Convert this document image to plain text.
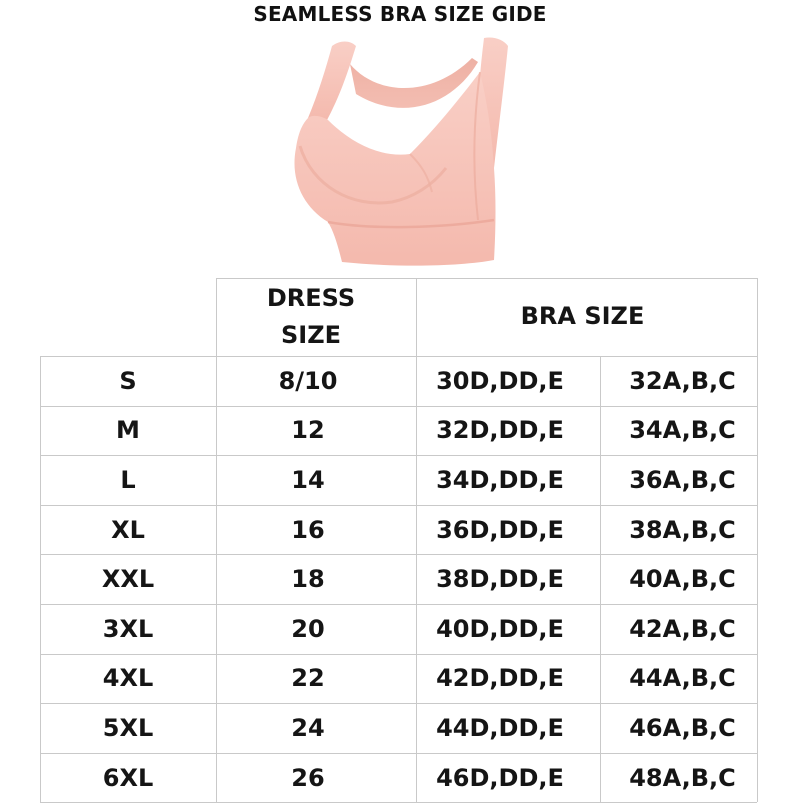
SEAMLESS BRA SIZE GIDE
DRESS SIZE
BRA SIZE
S	8/10	30D,DD,E	32A,B,C
M	12	32D,DD,E	34A,B,C
L	14	34D,DD,E	36A,B,C
XL	16	36D,DD,E	38A,B,C
XXL	18	38D,DD,E	40A,B,C
3XL	20	40D,DD,E	42A,B,C
4XL	22	42D,DD,E	44A,B,C
5XL	24	44D,DD,E	46A,B,C
6XL	26	46D,DD,E	48A,B,C
